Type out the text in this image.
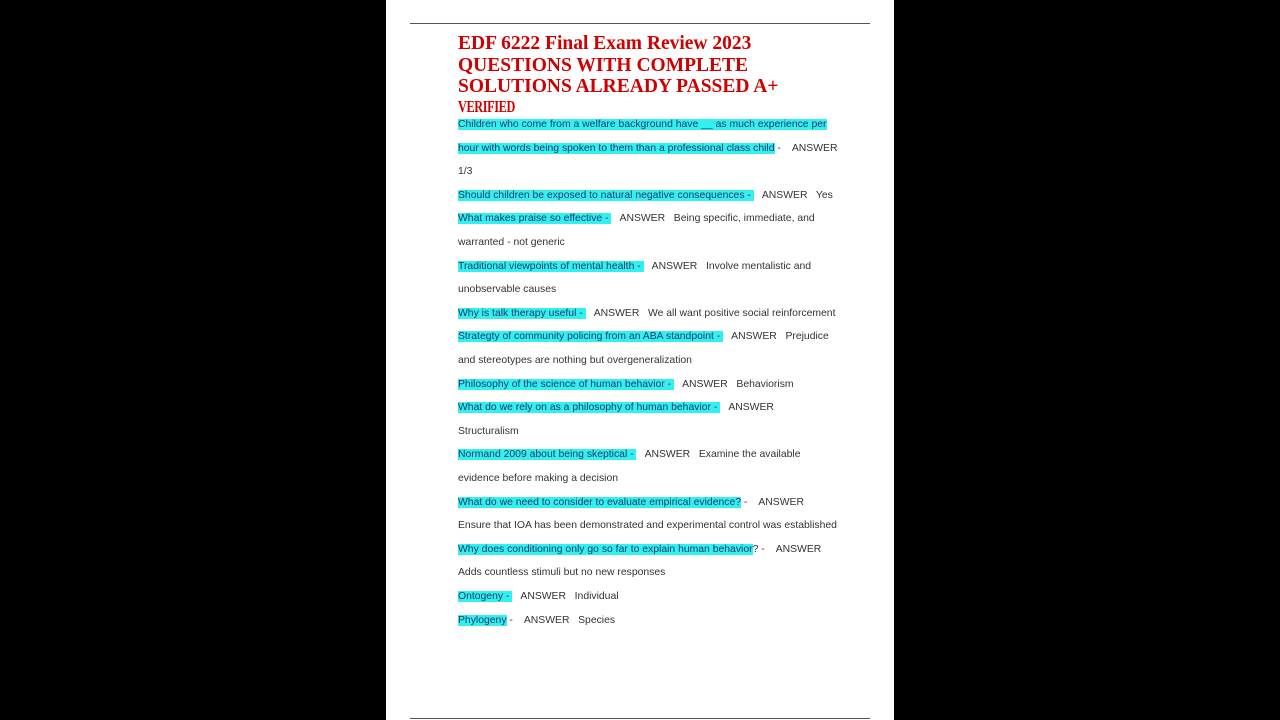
EDF 6222 Final Exam Review 2023 QUESTIONS WITH COMPLETE SOLUTIONS ALREADY PASSED A+
VERIFIED
Children who come from a welfare background have __ as much experience per
hour with words being spoken to them than a professional class child -    ANSWER
1/3
Should children be exposed to natural negative consequences -    ANSWER   Yes
What makes praise so effective -    ANSWER   Being specific, immediate, and
warranted - not generic
Traditional viewpoints of mental health -    ANSWER   Involve mentalistic and
unobservable causes
Why is talk therapy useful -    ANSWER   We all want positive social reinforcement
Strategty of community policing from an ABA standpoint -    ANSWER   Prejudice
and stereotypes are nothing but overgeneralization
Philosophy of the science of human behavior -    ANSWER   Behaviorism
What do we rely on as a philosophy of human behavior -    ANSWER
Structuralism
Normand 2009 about being skeptical -    ANSWER   Examine the available
evidence before making a decision
What do we need to consider to evaluate empirical evidence? -    ANSWER
Ensure that IOA has been demonstrated and experimental control was established
Why does conditioning only go so far to explain human behavior? -    ANSWER
Adds countless stimuli but no new responses
Ontogeny -    ANSWER   Individual
Phylogeny -    ANSWER   Species
